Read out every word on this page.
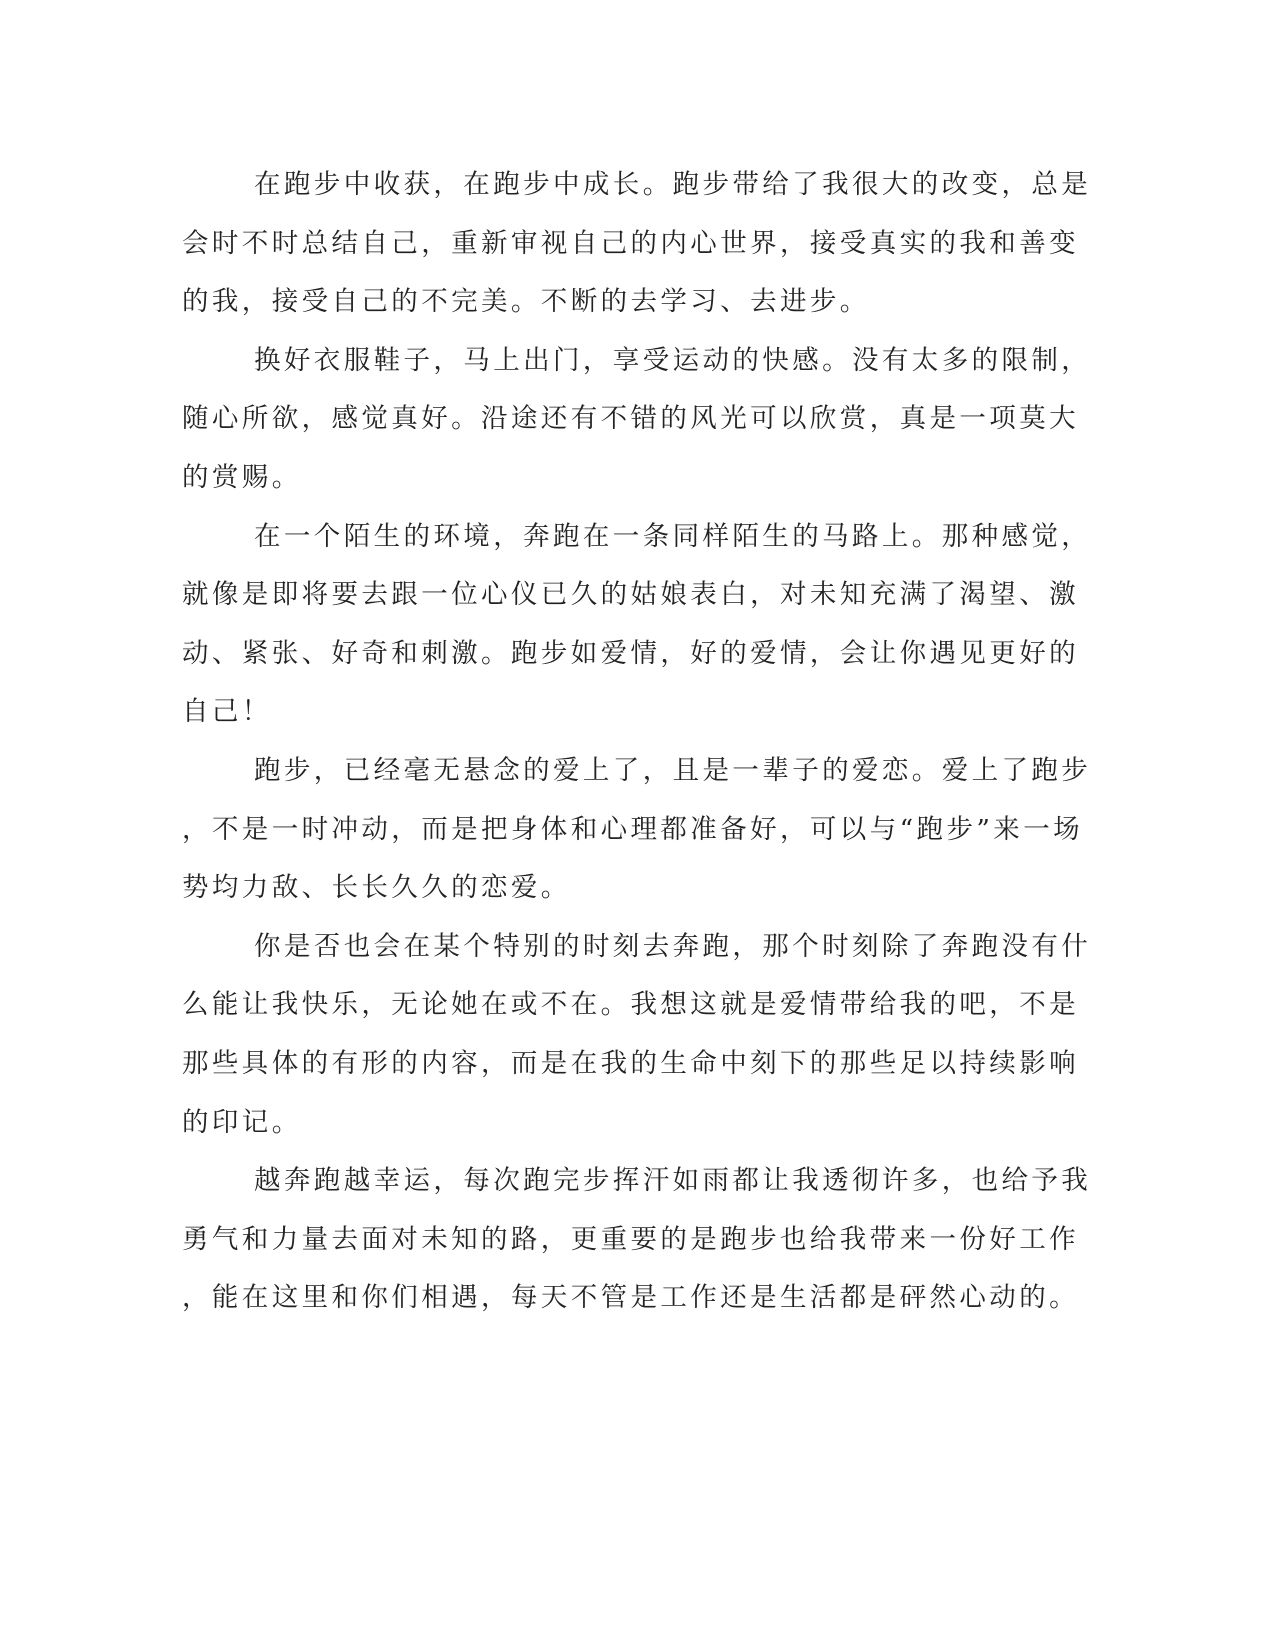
在跑步中收获，在跑步中成长。跑步带给了我很大的改变，总是
会时不时总结自己，重新审视自己的内心世界，接受真实的我和善变
的我，接受自己的不完美。不断的去学习、去进步。

换好衣服鞋子，马上出门，享受运动的快感。没有太多的限制，
随心所欲，感觉真好。沿途还有不错的风光可以欣赏，真是一项莫大
的赏赐。

在一个陌生的环境，奔跑在一条同样陌生的马路上。那种感觉，
就像是即将要去跟一位心仪已久的姑娘表白，对未知充满了渴望、激
动、紧张、好奇和刺激。跑步如爱情，好的爱情，会让你遇见更好的
自己！

跑步，已经毫无悬念的爱上了，且是一辈子的爱恋。爱上了跑步
，不是一时冲动，而是把身体和心理都准备好，可以与“跑步”来一场
势均力敌、长长久久的恋爱。

你是否也会在某个特别的时刻去奔跑，那个时刻除了奔跑没有什
么能让我快乐，无论她在或不在。我想这就是爱情带给我的吧，不是
那些具体的有形的内容，而是在我的生命中刻下的那些足以持续影响
的印记。

越奔跑越幸运，每次跑完步挥汗如雨都让我透彻许多，也给予我
勇气和力量去面对未知的路，更重要的是跑步也给我带来一份好工作
，能在这里和你们相遇，每天不管是工作还是生活都是砰然心动的。
